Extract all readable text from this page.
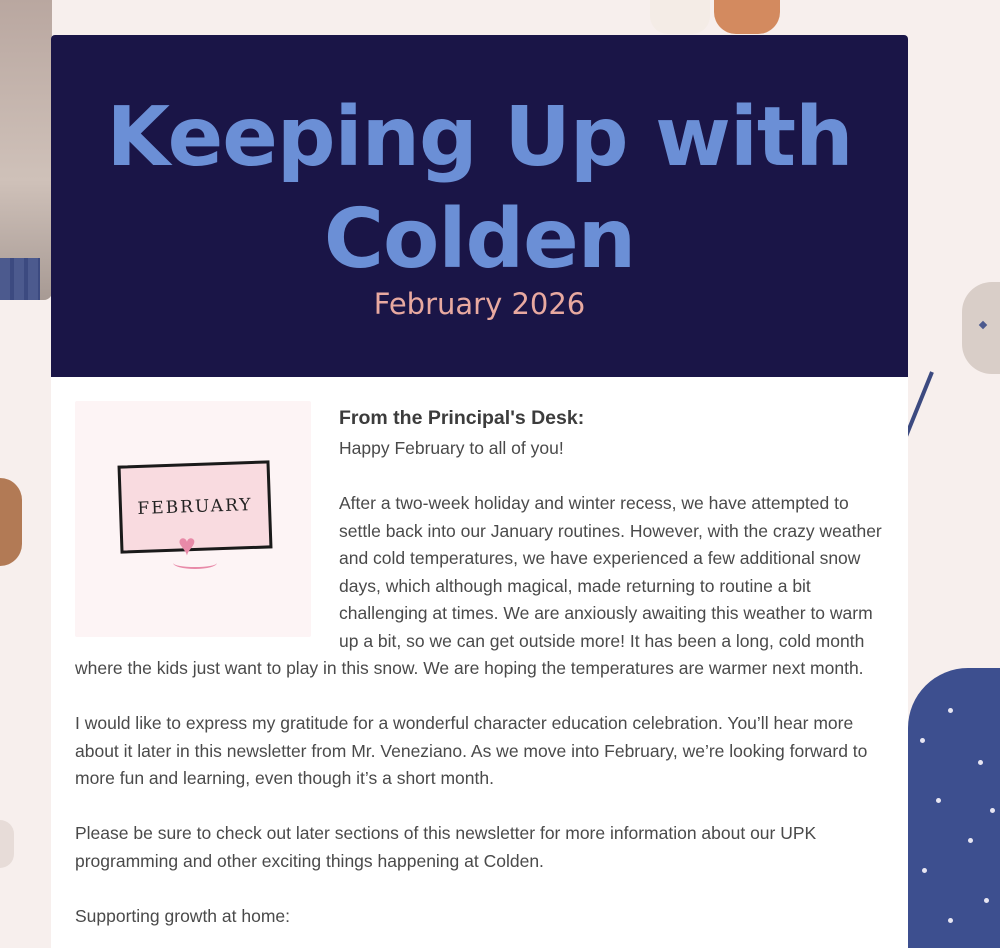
Keeping Up with
Colden
February 2026
FEBRUARY
♥
From the Principal's Desk:

Happy February to all of you!

After a two-week holiday and winter recess, we have attempted to settle back into our January routines. However, with the crazy weather and cold temperatures, we have experienced a few additional snow days, which although magical, made returning to routine a bit challenging at times. We are anxiously awaiting this weather to warm up a bit, so we can get outside more! It has been a long, cold month where the kids just want to play in this snow. We are hoping the temperatures are warmer next month.

I would like to express my gratitude for a wonderful character education celebration. You’ll hear more about it later in this newsletter from Mr. Veneziano. As we move into February, we’re looking forward to more fun and learning, even though it’s a short month.

Please be sure to check out later sections of this newsletter for more information about our UPK programming and other exciting things happening at Colden.

Supporting growth at home:
